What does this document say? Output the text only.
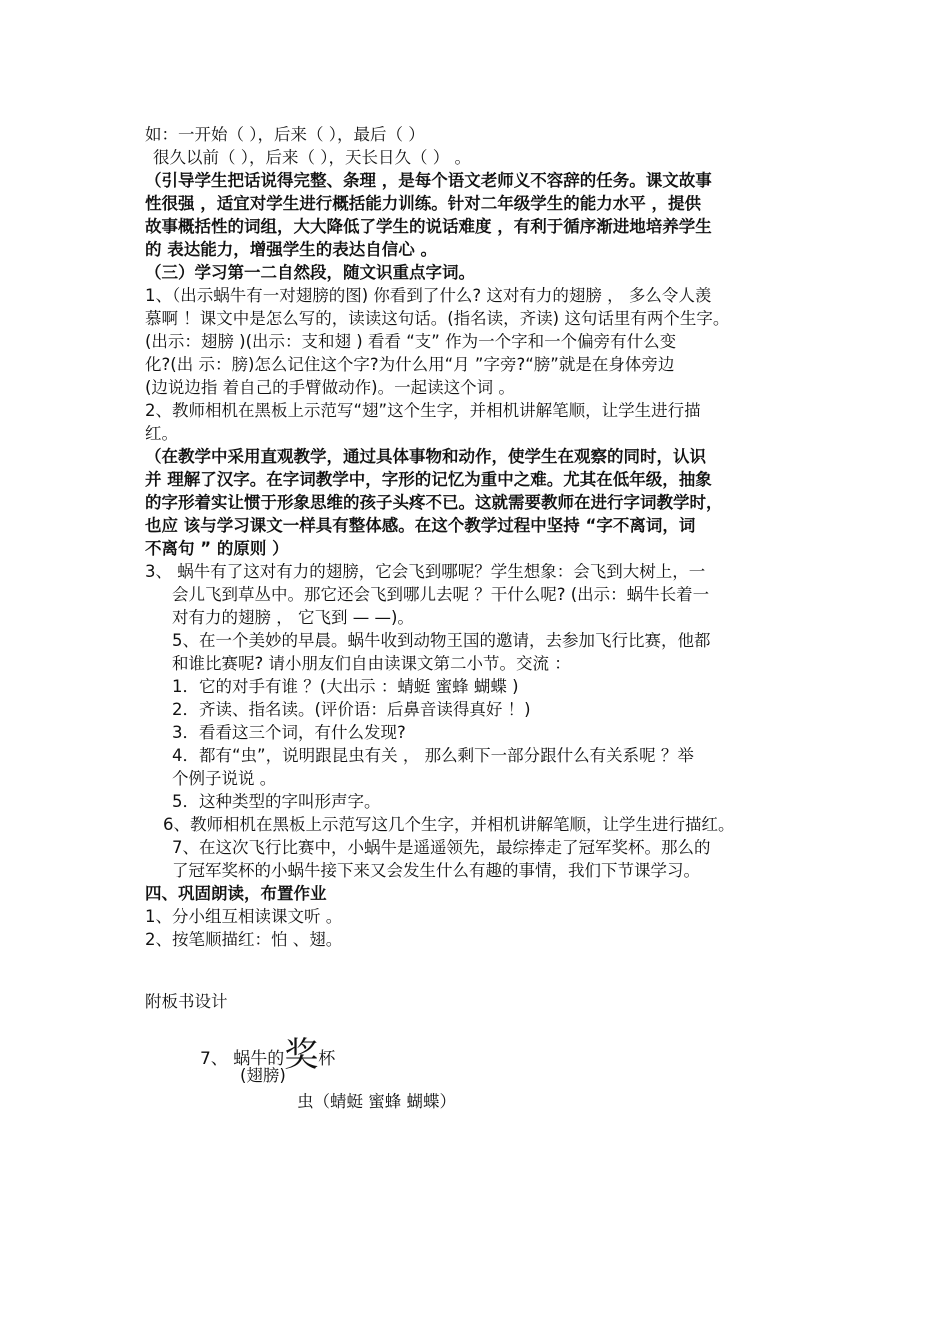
如：一开始（ ），后来（ ），最后（ ）

很久以前（ ），后来（ ），天长日久（ ） 。

（引导学生把话说得完整、条理 ，是每个语文老师义不容辞的任务。课文故事

性很强 ，适宜对学生进行概括能力训练。针对二年级学生的能力水平 ，提供

故事概括性的词组，大大降低了学生的说话难度 ，有利于循序渐进地培养学生

的 表达能力，增强学生的表达自信心 。

（三）学习第一二自然段，随文识重点字词。

1、（出示蜗牛有一对翅膀的图) 你看到了什么? 这对有力的翅膀 ， 多么令人羡

慕啊 ！课文中是怎么写的，读读这句话。(指名读，齐读) 这句话里有两个生字。

(出示：翅膀 )(出示：支和翅 ) 看看 “支” 作为一个字和一个偏旁有什么变

化?(出 示：膀)怎么记住这个字?为什么用“月 ”字旁?“膀”就是在身体旁边

(边说边指 着自己的手臂做动作)。一起读这个词 。

2、教师相机在黑板上示范写“翅”这个生字，并相机讲解笔顺，让学生进行描

红。

（在教学中采用直观教学，通过具体事物和动作，使学生在观察的同时，认识

并 理解了汉字。在字词教学中，字形的记忆为重中之难。尤其在低年级，抽象

的字形着实让惯于形象思维的孩子头疼不已。这就需要教师在进行字词教学时，

也应 该与学习课文一样具有整体感。在这个教学过程中坚持 “字不离词，词

不离句 ” 的原则 ）

3、 蜗牛有了这对有力的翅膀，它会飞到哪呢？学生想象：会飞到大树上，一

会儿飞到草丛中。那它还会飞到哪儿去呢 ？干什么呢? (出示：蜗牛长着一

对有力的翅膀 ， 它飞到 — —)。

5、在一个美妙的早晨。蜗牛收到动物王国的邀请，去参加飞行比赛，他都

和谁比赛呢? 请小朋友们自由读课文第二小节。交流 ：

1．它的对手有谁 ？(大出示 ：蜻蜓 蜜蜂 蝴蝶 )

2．齐读、指名读。(评价语：后鼻音读得真好 ！)

3．看看这三个词，有什么发现?

4．都有“虫”，说明跟昆虫有关 ， 那么剩下一部分跟什么有关系呢 ？举

个例子说说 。

5．这种类型的字叫形声字。

6、教师相机在黑板上示范写这几个生字，并相机讲解笔顺，让学生进行描红。

7、在这次飞行比赛中，小蜗牛是遥遥领先，最综捧走了冠军奖杯。那么的

了冠军奖杯的小蜗牛接下来又会发生什么有趣的事情，我们下节课学习。

四、巩固朗读，布置作业

1、分小组互相读课文听 。

2、按笔顺描红：怕 、翅。

附板书设计
7、 蜗牛的奖杯
(翅膀)
虫（蜻蜓 蜜蜂 蝴蝶）
